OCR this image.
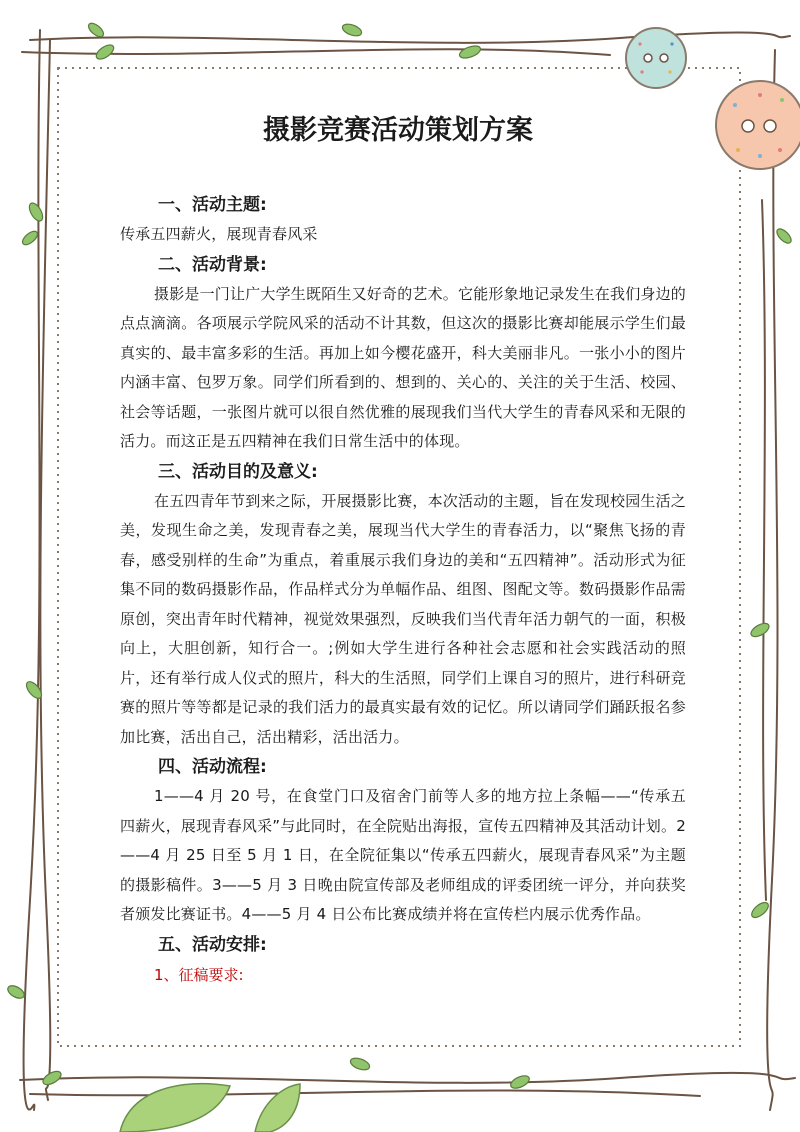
摄影竞赛活动策划方案
一、活动主题:
传承五四薪火，展现青春风采
二、活动背景:
摄影是一门让广大学生既陌生又好奇的艺术。它能形象地记录发生在我们身边的点点滴滴。各项展示学院风采的活动不计其数，但这次的摄影比赛却能展示学生们最真实的、最丰富多彩的生活。再加上如今樱花盛开，科大美丽非凡。一张小小的图片内涵丰富、包罗万象。同学们所看到的、想到的、关心的、关注的关于生活、校园、社会等话题，一张图片就可以很自然优雅的展现我们当代大学生的青春风采和无限的活力。而这正是五四精神在我们日常生活中的体现。
三、活动目的及意义:
在五四青年节到来之际，开展摄影比赛，本次活动的主题，旨在发现校园生活之美，发现生命之美，发现青春之美，展现当代大学生的青春活力，以“聚焦飞扬的青春，感受别样的生命”为重点，着重展示我们身边的美和“五四精神”。活动形式为征集不同的数码摄影作品，作品样式分为单幅作品、组图、图配文等。数码摄影作品需原创，突出青年时代精神，视觉效果强烈，反映我们当代青年活力朝气的一面，积极向上，大胆创新，知行合一。;例如大学生进行各种社会志愿和社会实践活动的照片，还有举行成人仪式的照片，科大的生活照，同学们上课自习的照片，进行科研竞赛的照片等等都是记录的我们活力的最真实最有效的记忆。所以请同学们踊跃报名参加比赛，活出自己，活出精彩，活出活力。
四、活动流程:
1——4 月 20 号，在食堂门口及宿舍门前等人多的地方拉上条幅——“传承五四薪火，展现青春风采”与此同时，在全院贴出海报，宣传五四精神及其活动计划。2——4 月 25 日至 5 月 1 日，在全院征集以“传承五四薪火，展现青春风采”为主题的摄影稿件。3——5 月 3 日晚由院宣传部及老师组成的评委团统一评分，并向获奖者颁发比赛证书。4——5 月 4 日公布比赛成绩并将在宣传栏内展示优秀作品。
五、活动安排:
1、征稿要求:
